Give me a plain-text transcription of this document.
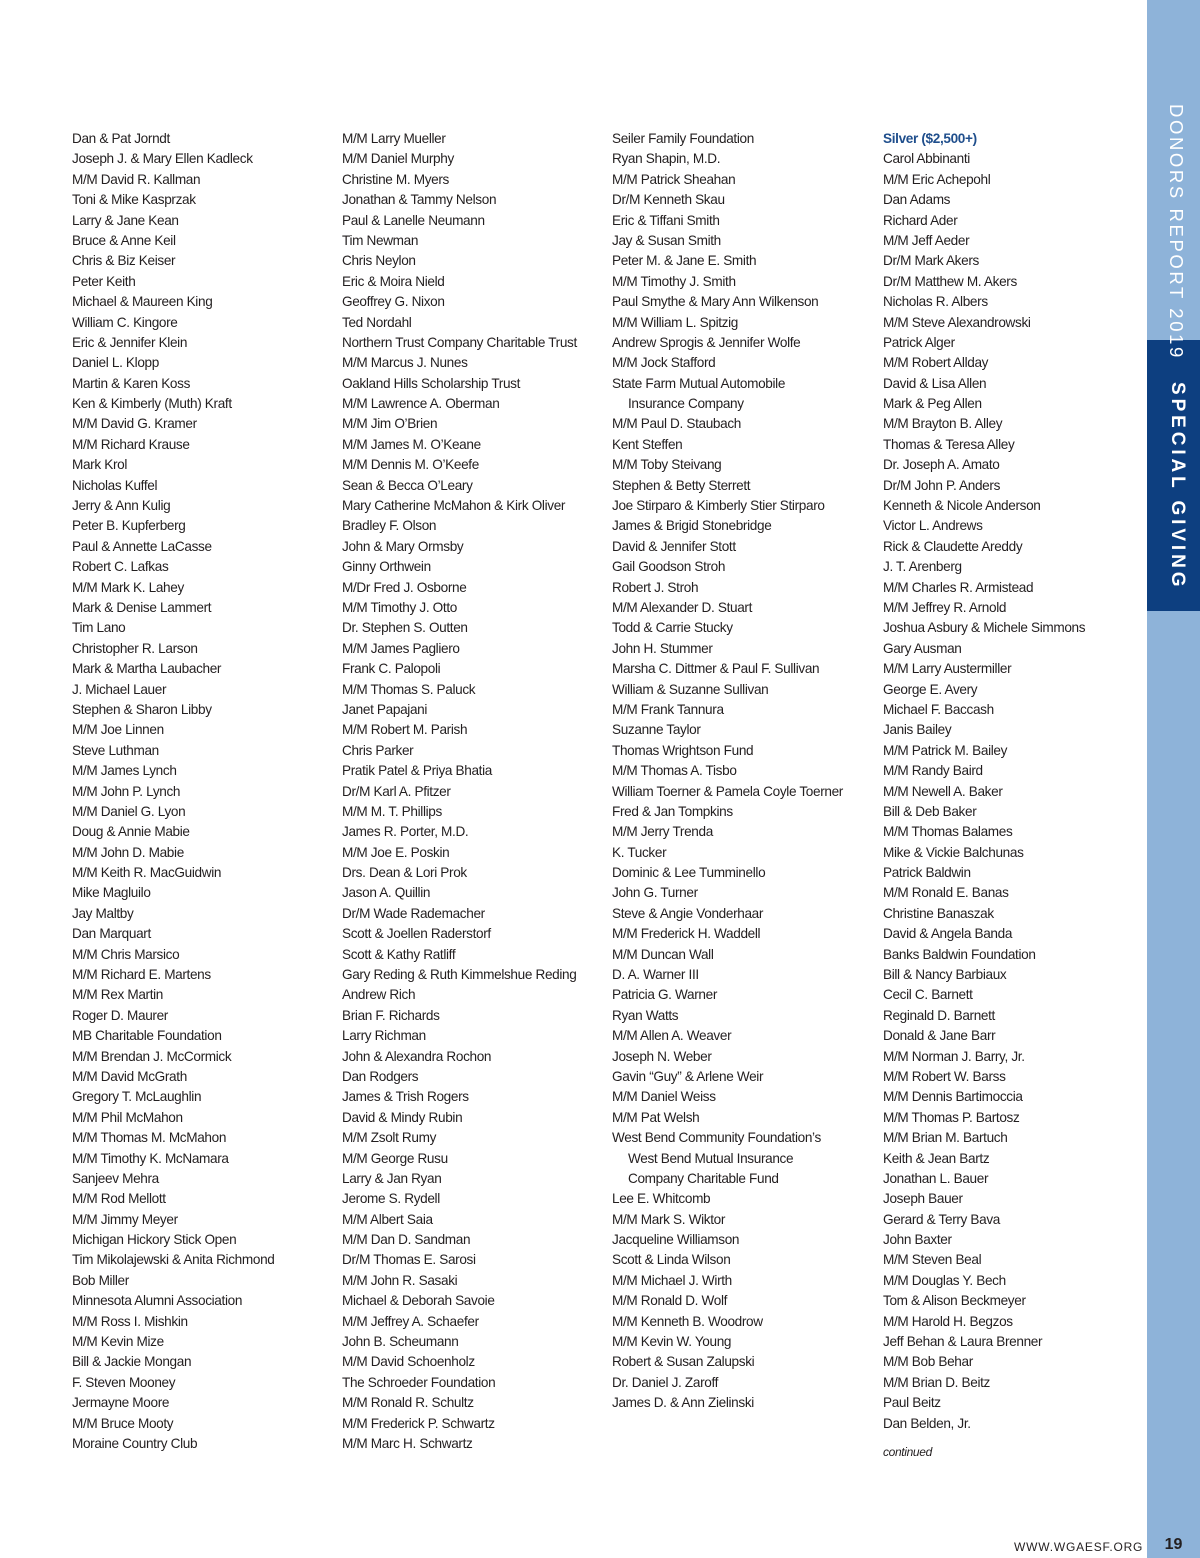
Dan & Pat Jorndt
Joseph J. & Mary Ellen Kadleck
M/M David R. Kallman
Toni & Mike Kasprzak
Larry & Jane Kean
Bruce & Anne Keil
Chris & Biz Keiser
Peter Keith
Michael & Maureen King
William C. Kingore
Eric & Jennifer Klein
Daniel L. Klopp
Martin & Karen Koss
Ken & Kimberly (Muth) Kraft
M/M David G. Kramer
M/M Richard Krause
Mark Krol
Nicholas Kuffel
Jerry & Ann Kulig
Peter B. Kupferberg
Paul & Annette LaCasse
Robert C. Lafkas
M/M Mark K. Lahey
Mark & Denise Lammert
Tim Lano
Christopher R. Larson
Mark & Martha Laubacher
J. Michael Lauer
Stephen & Sharon Libby
M/M Joe Linnen
Steve Luthman
M/M James Lynch
M/M John P. Lynch
M/M Daniel G. Lyon
Doug & Annie Mabie
M/M John D. Mabie
M/M Keith R. MacGuidwin
Mike Magluilo
Jay Maltby
Dan Marquart
M/M Chris Marsico
M/M Richard E. Martens
M/M Rex Martin
Roger D. Maurer
MB Charitable Foundation
M/M Brendan J. McCormick
M/M David McGrath
Gregory T. McLaughlin
M/M Phil McMahon
M/M Thomas M. McMahon
M/M Timothy K. McNamara
Sanjeev Mehra
M/M Rod Mellott
M/M Jimmy Meyer
Michigan Hickory Stick Open
Tim Mikolajewski & Anita Richmond
Bob Miller
Minnesota Alumni Association
M/M Ross I. Mishkin
M/M Kevin Mize
Bill & Jackie Mongan
F. Steven Mooney
Jermayne Moore
M/M Bruce Mooty
Moraine Country Club
M/M Larry Mueller
M/M Daniel Murphy
Christine M. Myers
Jonathan & Tammy Nelson
Paul & Lanelle Neumann
Tim Newman
Chris Neylon
Eric & Moira Nield
Geoffrey G. Nixon
Ted Nordahl
Northern Trust Company Charitable Trust
M/M Marcus J. Nunes
Oakland Hills Scholarship Trust
M/M Lawrence A. Oberman
M/M Jim O’Brien
M/M James M. O’Keane
M/M Dennis M. O’Keefe
Sean & Becca O’Leary
Mary Catherine McMahon & Kirk Oliver
Bradley F. Olson
John & Mary Ormsby
Ginny Orthwein
M/Dr Fred J. Osborne
M/M Timothy J. Otto
Dr. Stephen S. Outten
M/M James Pagliero
Frank C. Palopoli
M/M Thomas S. Paluck
Janet Papajani
M/M Robert M. Parish
Chris Parker
Pratik Patel & Priya Bhatia
Dr/M Karl A. Pfitzer
M/M M. T. Phillips
James R. Porter, M.D.
M/M Joe E. Poskin
Drs. Dean & Lori Prok
Jason A. Quillin
Dr/M Wade Rademacher
Scott & Joellen Raderstorf
Scott & Kathy Ratliff
Gary Reding & Ruth Kimmelshue Reding
Andrew Rich
Brian F. Richards
Larry Richman
John & Alexandra Rochon
Dan Rodgers
James & Trish Rogers
David & Mindy Rubin
M/M Zsolt Rumy
M/M George Rusu
Larry & Jan Ryan
Jerome S. Rydell
M/M Albert Saia
M/M Dan D. Sandman
Dr/M Thomas E. Sarosi
M/M John R. Sasaki
Michael & Deborah Savoie
M/M Jeffrey A. Schaefer
John B. Scheumann
M/M David Schoenholz
The Schroeder Foundation
M/M Ronald R. Schultz
M/M Frederick P. Schwartz
M/M Marc H. Schwartz
Seiler Family Foundation
Ryan Shapin, M.D.
M/M Patrick Sheahan
Dr/M Kenneth Skau
Eric & Tiffani Smith
Jay & Susan Smith
Peter M. & Jane E. Smith
M/M Timothy J. Smith
Paul Smythe & Mary Ann Wilkenson
M/M William L. Spitzig
Andrew Sprogis & Jennifer Wolfe
M/M Jock Stafford
State Farm Mutual Automobile
Insurance Company
M/M Paul D. Staubach
Kent Steffen
M/M Toby Steivang
Stephen & Betty Sterrett
Joe Stirparo & Kimberly Stier Stirparo
James & Brigid Stonebridge
David & Jennifer Stott
Gail Goodson Stroh
Robert J. Stroh
M/M Alexander D. Stuart
Todd & Carrie Stucky
John H. Stummer
Marsha C. Dittmer & Paul F. Sullivan
William & Suzanne Sullivan
M/M Frank Tannura
Suzanne Taylor
Thomas Wrightson Fund
M/M Thomas A. Tisbo
William Toerner & Pamela Coyle Toerner
Fred & Jan Tompkins
M/M Jerry Trenda
K. Tucker
Dominic & Lee Tumminello
John G. Turner
Steve & Angie Vonderhaar
M/M Frederick H. Waddell
M/M Duncan Wall
D. A. Warner III
Patricia G. Warner
Ryan Watts
M/M Allen A. Weaver
Joseph N. Weber
Gavin “Guy” & Arlene Weir
M/M Daniel Weiss
M/M Pat Welsh
West Bend Community Foundation’s
West Bend Mutual Insurance
Company Charitable Fund
Lee E. Whitcomb
M/M Mark S. Wiktor
Jacqueline Williamson
Scott & Linda Wilson
M/M Michael J. Wirth
M/M Ronald D. Wolf
M/M Kenneth B. Woodrow
M/M Kevin W. Young
Robert & Susan Zalupski
Dr. Daniel J. Zaroff
James D. & Ann Zielinski
Silver ($2,500+)
Carol Abbinanti
M/M Eric Achepohl
Dan Adams
Richard Ader
M/M Jeff Aeder
Dr/M Mark Akers
Dr/M Matthew M. Akers
Nicholas R. Albers
M/M Steve Alexandrowski
Patrick Alger
M/M Robert Allday
David & Lisa Allen
Mark & Peg Allen
M/M Brayton B. Alley
Thomas & Teresa Alley
Dr. Joseph A. Amato
Dr/M John P. Anders
Kenneth & Nicole Anderson
Victor L. Andrews
Rick & Claudette Areddy
J. T. Arenberg
M/M Charles R. Armistead
M/M Jeffrey R. Arnold
Joshua Asbury & Michele Simmons
Gary Ausman
M/M Larry Austermiller
George E. Avery
Michael F. Baccash
Janis Bailey
M/M Patrick M. Bailey
M/M Randy Baird
M/M Newell A. Baker
Bill & Deb Baker
M/M Thomas Balames
Mike & Vickie Balchunas
Patrick Baldwin
M/M Ronald E. Banas
Christine Banaszak
David & Angela Banda
Banks Baldwin Foundation
Bill & Nancy Barbiaux
Cecil C. Barnett
Reginald D. Barnett
Donald & Jane Barr
M/M Norman J. Barry, Jr.
M/M Robert W. Barss
M/M Dennis Bartimoccia
M/M Thomas P. Bartosz
M/M Brian M. Bartuch
Keith & Jean Bartz
Jonathan L. Bauer
Joseph Bauer
Gerard & Terry Bava
John Baxter
M/M Steven Beal
M/M Douglas Y. Bech
Tom & Alison Beckmeyer
M/M Harold H. Begzos
Jeff Behan & Laura Brenner
M/M Bob Behar
M/M Brian D. Beitz
Paul Beitz
Dan Belden, Jr.
continued
DONORS REPORT 2019
SPECIAL GIVING
WWW.WGAESF.ORG	19
